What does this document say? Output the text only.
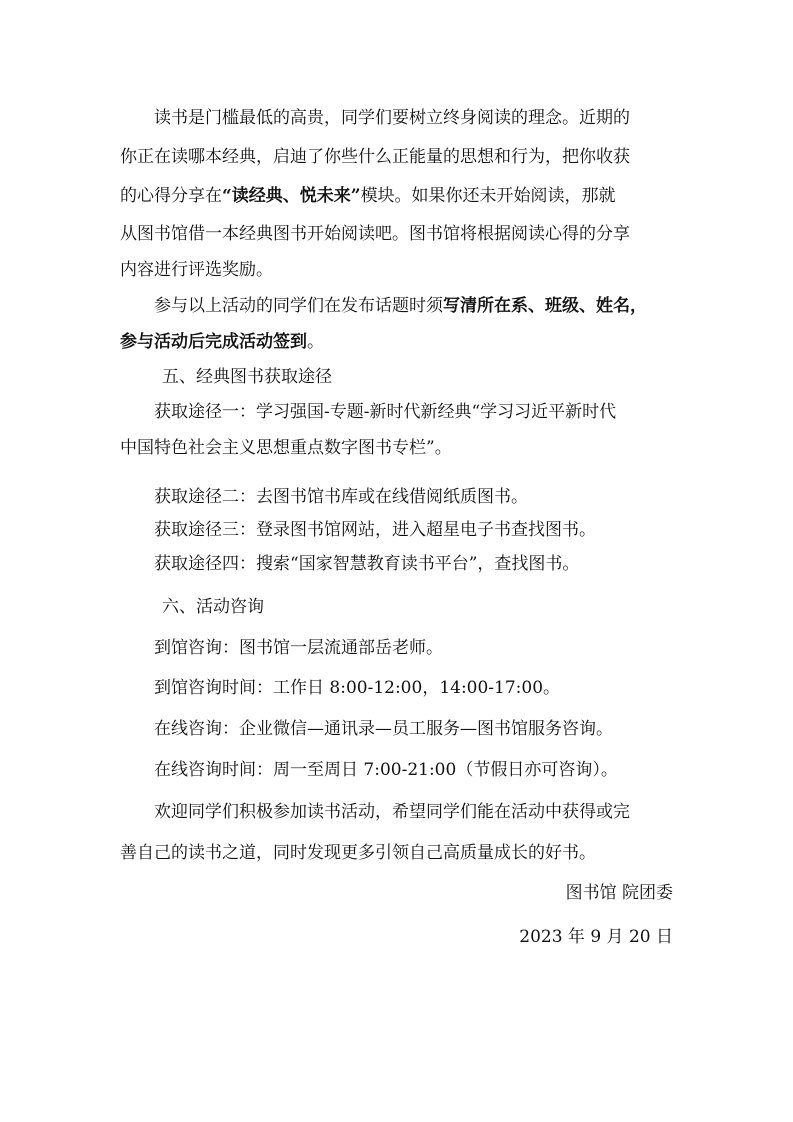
读书是门槛最低的高贵，同学们要树立终身阅读的理念。近期的
你正在读哪本经典，启迪了你些什么正能量的思想和行为，把你收获
的心得分享在“读经典、悦未来”模块。如果你还未开始阅读，那就
从图书馆借一本经典图书开始阅读吧。图书馆将根据阅读心得的分享
内容进行评选奖励。
参与以上活动的同学们在发布话题时须写清所在系、班级、姓名，
参与活动后完成活动签到。
五、经典图书获取途径
获取途径一：学习强国-专题-新时代新经典“学习习近平新时代
中国特色社会主义思想重点数字图书专栏”。
获取途径二：去图书馆书库或在线借阅纸质图书。
获取途径三：登录图书馆网站，进入超星电子书查找图书。
获取途径四：搜索“国家智慧教育读书平台”，查找图书。
六、活动咨询
到馆咨询：图书馆一层流通部岳老师。
到馆咨询时间：工作日 8:00-12:00，14:00-17:00。
在线咨询：企业微信—通讯录—员工服务—图书馆服务咨询。
在线咨询时间：周一至周日 7:00-21:00（节假日亦可咨询）。
欢迎同学们积极参加读书活动，希望同学们能在活动中获得或完
善自己的读书之道，同时发现更多引领自己高质量成长的好书。
图书馆 院团委
2023 年 9 月 20 日
